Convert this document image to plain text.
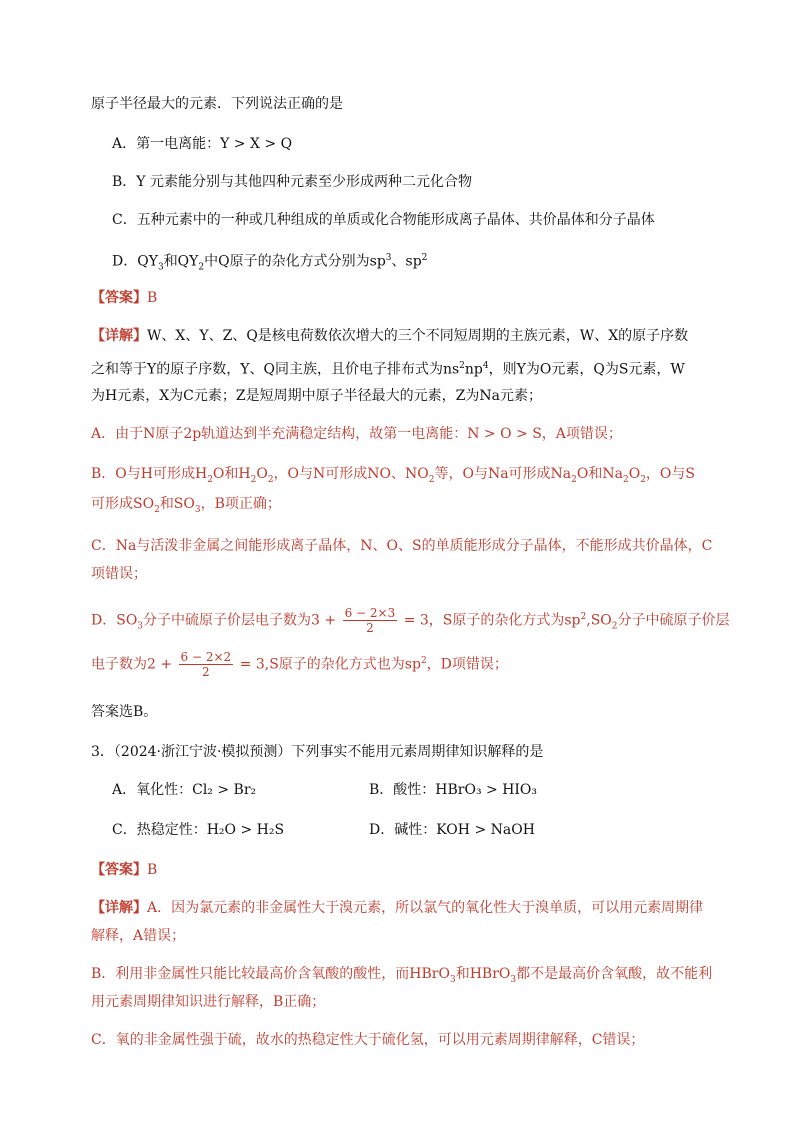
原子半径最大的元素．下列说法正确的是
A．第一电离能：Y > X > Q
B．Y 元素能分别与其他四种元素至少形成两种二元化合物
C．五种元素中的一种或几种组成的单质或化合物能形成离子晶体、共价晶体和分子晶体
D．$QY_3$和$QY_2$中Q原子的杂化方式分别为$sp^3$、$sp^2$
【答案】B
【详解】W、X、Y、Z、Q是核电荷数依次增大的三个不同短周期的主族元素，W、X的原子序数
之和等于Y的原子序数，Y、Q同主族，且价电子排布式为$ns^2np^4$，则Y为O元素，Q为S元素，W
为H元素，X为C元素；Z是短周期中原子半径最大的元素，Z为Na元素；
A．由于N原子2p轨道达到半充满稳定结构，故第一电离能：N > O > S，A项错误；
B．O与H可形成$H_2O$和$H_2O_2$，O与N可形成NO、$NO_2$等，O与Na可形成$Na_2O$和$Na_2O_2$，O与S
可形成$SO_2$和$SO_3$，B项正确；
C．Na与活泼非金属之间能形成离子晶体，N、O、S的单质能形成分子晶体，不能形成共价晶体，C
项错误；
D．$SO_3$分子中硫原子价层电子数为$3 + \frac{6 - 2\times 3}{2} = 3$，S原子的杂化方式为$sp^2,SO_2$分子中硫原子价层
电子数为$2 + \frac{6 - 2\times 2}{2} = 3,S$原子的杂化方式也为$sp^2$，D项错误；
答案选B。
3．（2024·浙江宁波·模拟预测）下列事实不能用元素周期律知识解释的是
A．氧化性：Cl₂ > Br₂	B．酸性：HBrO₃ > HIO₃
C．热稳定性：H₂O > H₂S	D．碱性：KOH > NaOH
【答案】B
【详解】A．因为氯元素的非金属性大于溴元素，所以氯气的氧化性大于溴单质，可以用元素周期律
解释，A错误；
B．利用非金属性只能比较最高价含氧酸的酸性，而HBrO$_3$和HBrO$_3$都不是最高价含氧酸，故不能利
用元素周期律知识进行解释，B正确；
C．氧的非金属性强于硫，故水的热稳定性大于硫化氢，可以用元素周期律解释，C错误；
